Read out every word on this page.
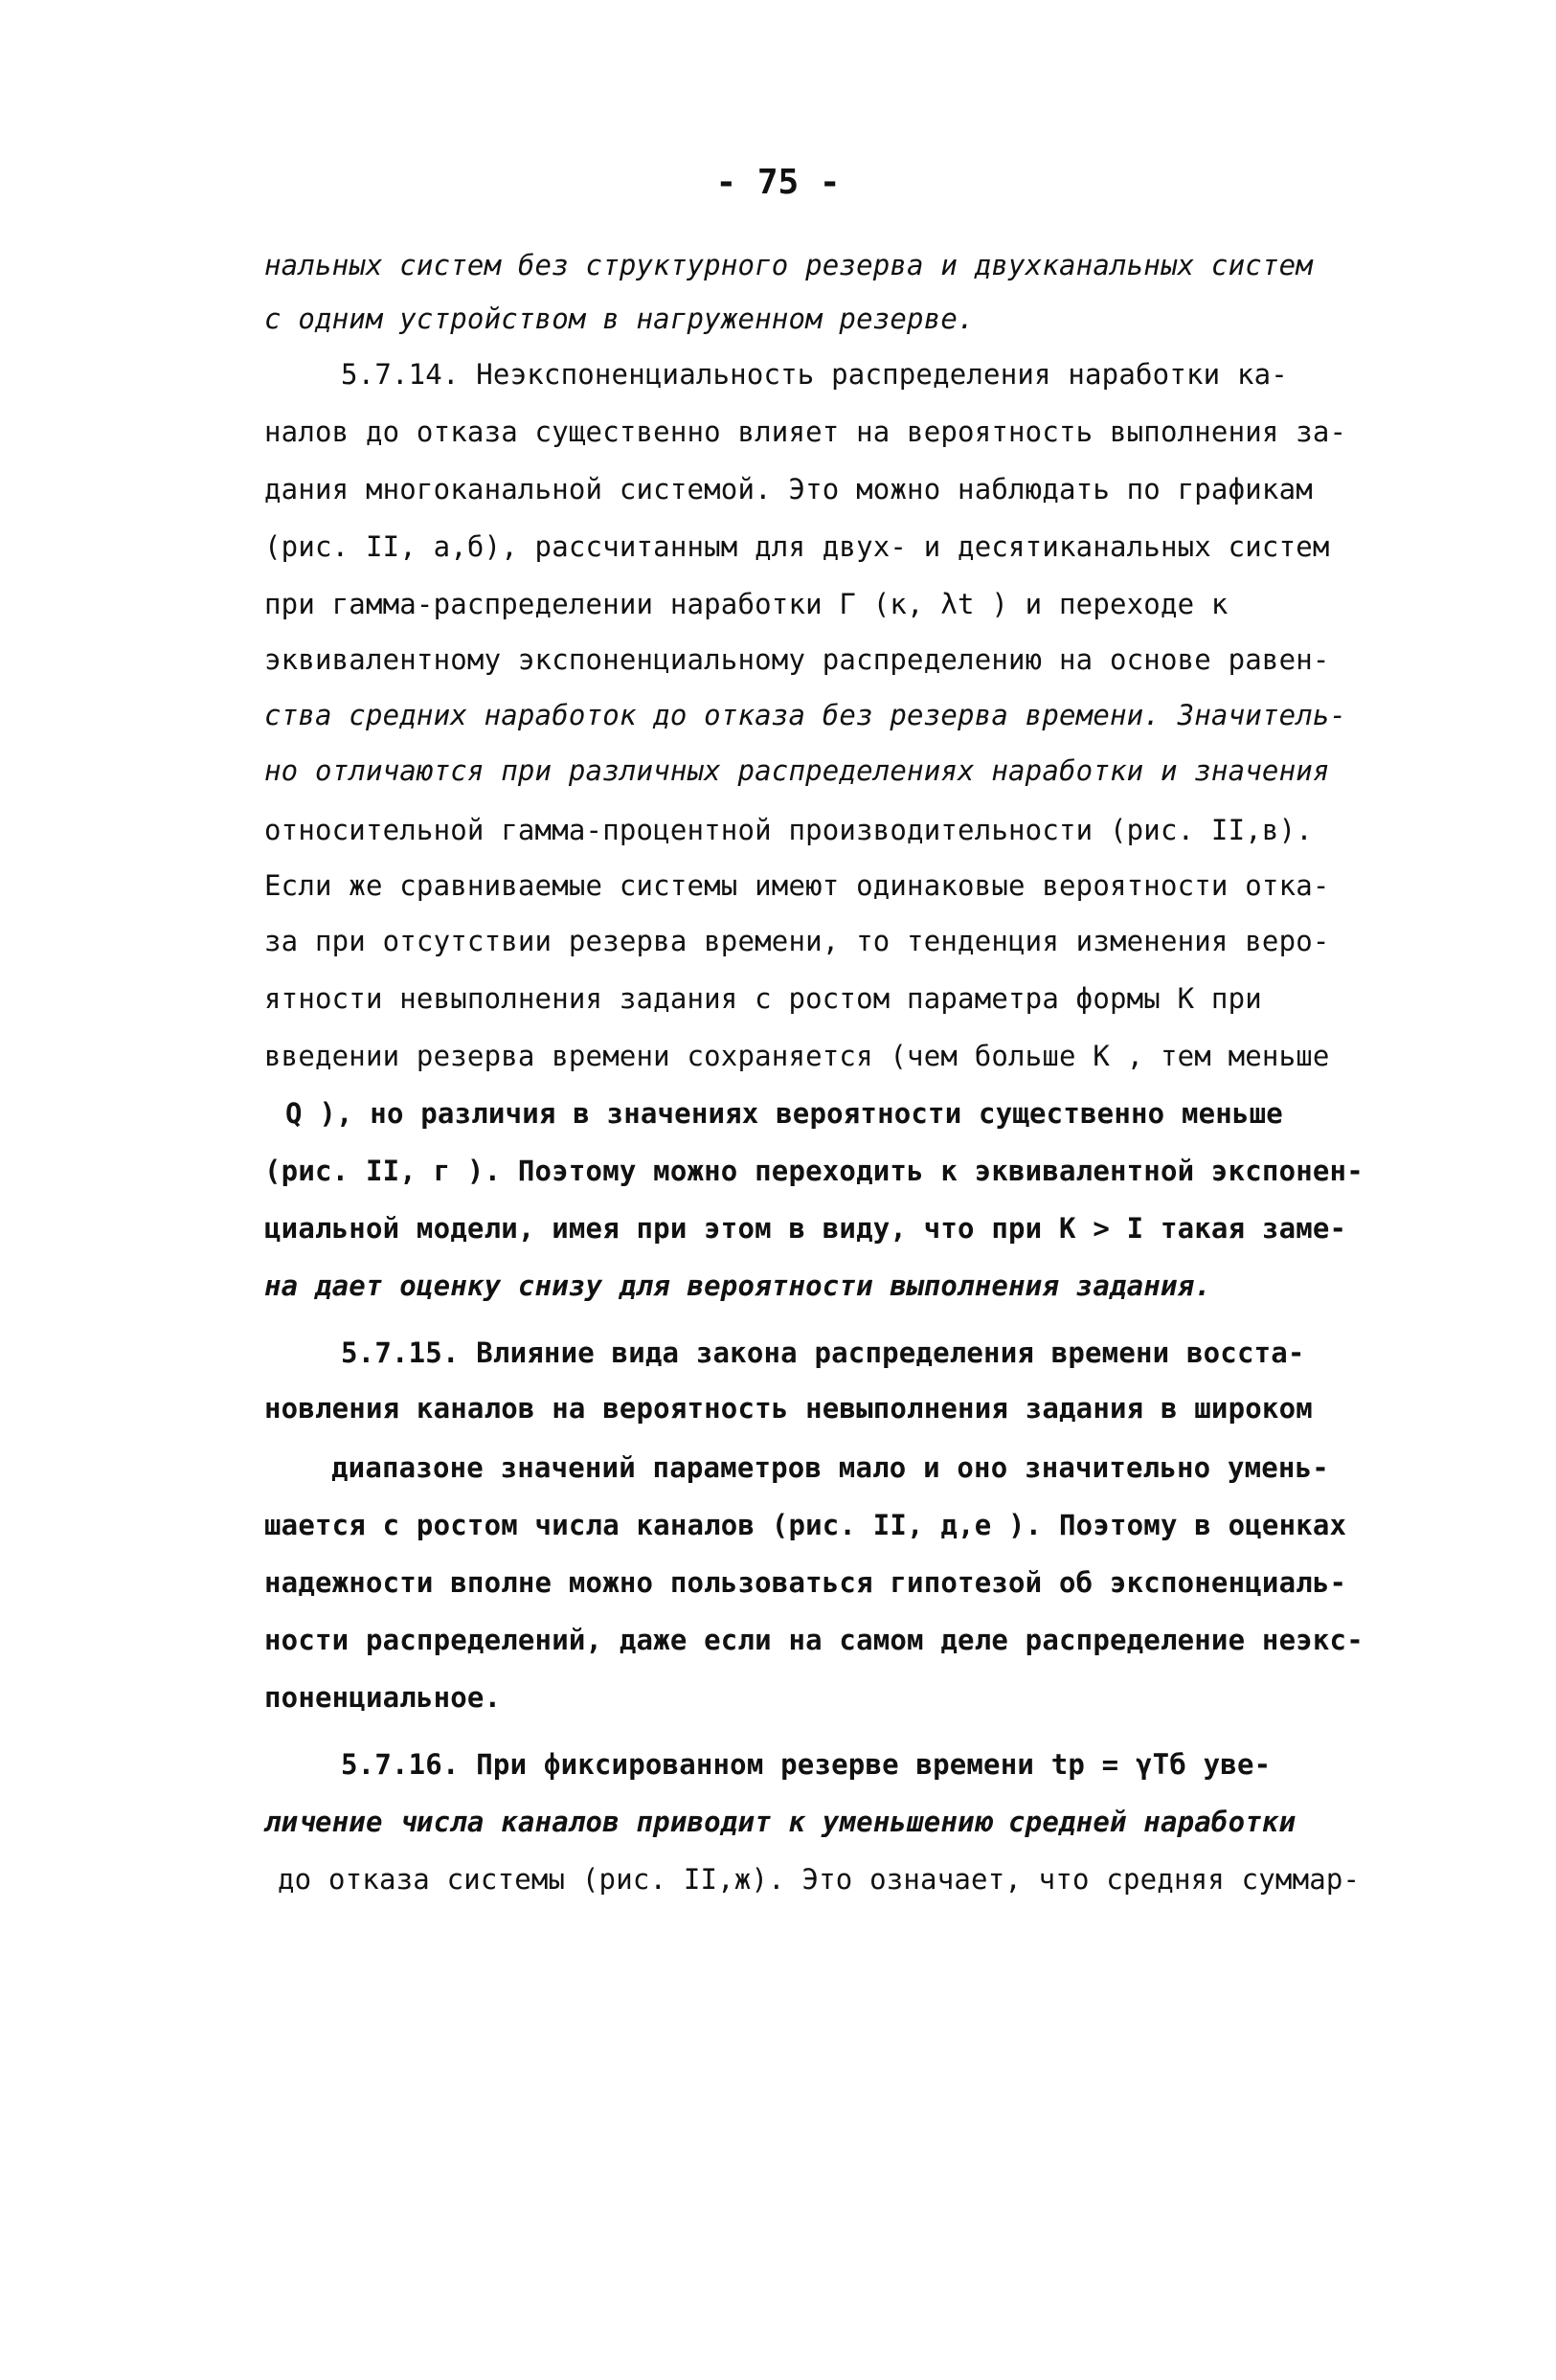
- 75 -
нальных систем без структурного резерва и двухканальных систем
с одним устройством в нагруженном резерве.
5.7.14. Неэкспоненциальность распределения наработки ка-
налов до отказа существенно влияет на вероятность выполнения за-
дания многоканальной системой. Это можно наблюдать по графикам
(рис. II, а,б), рассчитанным для двух- и десятиканальных систем
при гамма-распределении наработки Г (к, λt ) и переходе к
эквивалентному экспоненциальному распределению на основе равен-
ства средних наработок до отказа без резерва времени. Значитель-
но отличаются при различных распределениях наработки и значения
относительной гамма-процентной производительности (рис. II,в).
Если же сравниваемые системы имеют одинаковые вероятности отка-
за при отсутствии резерва времени, то тенденция изменения веро-
ятности невыполнения задания с ростом параметра формы K при
введении резерва времени сохраняется (чем больше K , тем меньше
Q ), но различия в значениях вероятности существенно меньше
(рис. II, г ). Поэтому можно переходить к эквивалентной экспонен-
циальной модели, имея при этом в виду, что при K > I такая заме-
на дает оценку снизу для вероятности выполнения задания.
5.7.15. Влияние вида закона распределения времени восста-
новления каналов на вероятность невыполнения задания в широком
диапазоне значений параметров мало и оно значительно умень-
шается с ростом числа каналов (рис. II, д,е ). Поэтому в оценках
надежности вполне можно пользоваться гипотезой об экспоненциаль-
ности распределений, даже если на самом деле распределение неэкс-
поненциальное.
5.7.16. При фиксированном резерве времени tр = γТб уве-
личение числа каналов приводит к уменьшению средней наработки
до отказа системы (рис. II,ж). Это означает, что средняя суммар-
